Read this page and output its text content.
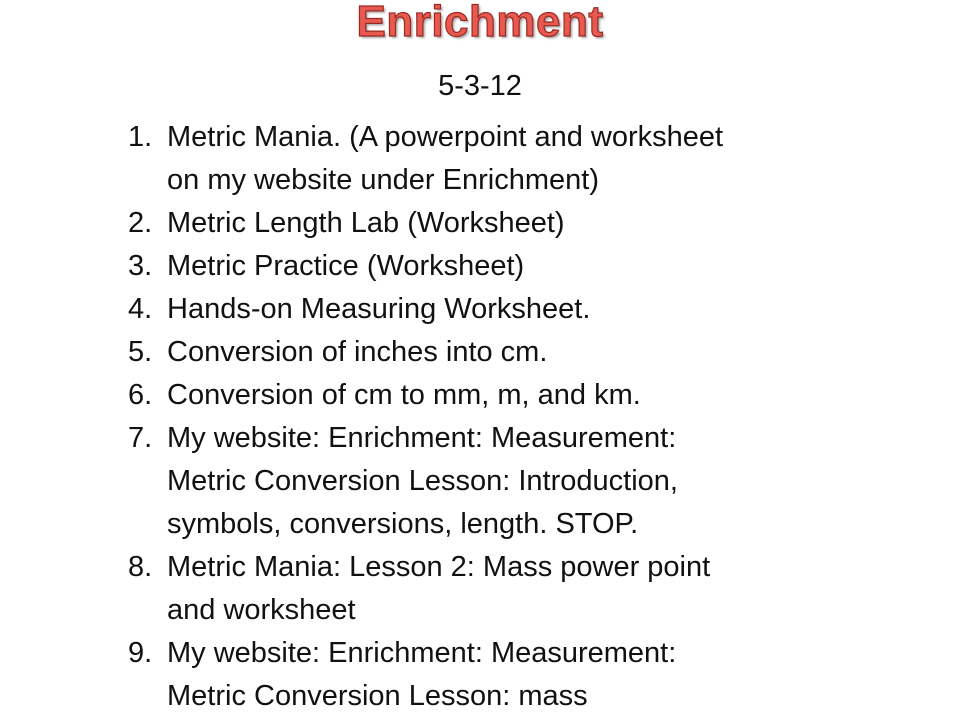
Enrichment
5-3-12
1. Metric Mania. (A powerpoint and worksheet
on my website under Enrichment)
2. Metric Length Lab (Worksheet)
3. Metric Practice (Worksheet)
4. Hands-on Measuring Worksheet.
5. Conversion of inches into cm.
6. Conversion of cm to mm, m, and km.
7. My website: Enrichment: Measurement:
Metric Conversion Lesson: Introduction,
symbols, conversions, length. STOP.
8. Metric Mania: Lesson 2: Mass power point
and worksheet
9. My website: Enrichment: Measurement:
Metric Conversion Lesson: mass
